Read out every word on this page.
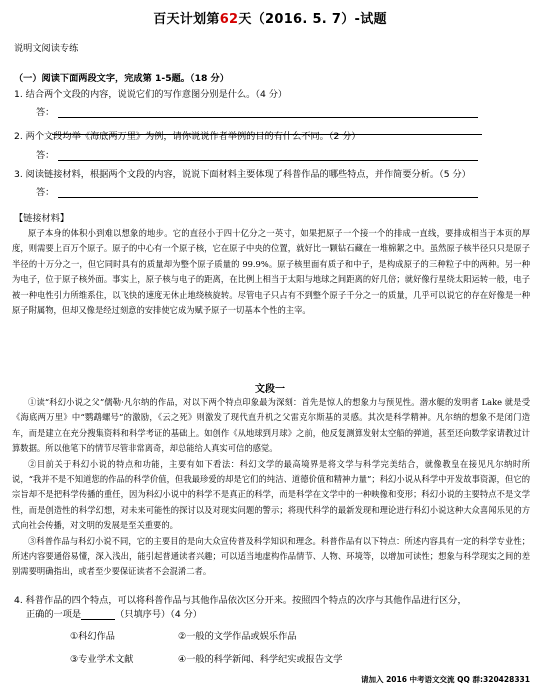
百天计划第62天（2016. 5. 7）-试题
说明文阅读专练
（一）阅读下面两段文字，完成第 1-5题。（18 分）
1. 结合两个文段的内容，说说它们的写作意图分别是什么。（4 分）
答：
2. 两个文段均举《海底两万里》为例，请你说说作者举例的目的有什么不同。（2 分）
答：
3. 阅读链接材料，根据两个文段的内容，说说下面材料主要体现了科普作品的哪些特点，并作简要分析。（5 分）
答：
【链接材料】

原子本身的体积小到难以想象的地步。它的直径小于四十亿分之一英寸，如果把原子一个接一个的排成一直线，要排成相当于本页的厚度，则需要上百万个原子。原子的中心有一个原子核，它在原子中央的位置，就好比一颗钻石藏在一堆棉絮之中。虽然原子核半径只只是原子半径的十万分之一，但它同时具有的质量却为整个原子质量的 99.9%。原子核里面有质子和中子，是构成原子的三种粒子中的两种。另一种为电子，位于原子核外面。事实上，原子核与电子的距离，在比例上相当于太阳与地球之间距离的好几倍；就好像行星绕太阳运转一般，电子被一种电性引力所维系住，以飞快的速度无休止地绕核旋转。尽管电子只占有不到整个原子千分之一的质量，几乎可以说它的存在好像是一种原子附属物，但却又像是经过刻意的安排使它成为赋予原子一切基本个性的主宰。

文段一

①读“科幻小说之父”儒勒·凡尔纳的作品，对以下两个特点印象最为深刻：首先是惊人的想象力与预见性。潜水艇的发明者 Lake 就是受《海底两万里》中“鹦鹉螺号”的激励，《云之死》则激发了现代直升机之父雷克尔斯基的灵感。其次是科学精神。凡尔纳的想象不是闭门造车，而是建立在充分搜集资料和科学考证的基础上。如创作《从地球到月球》之前，他反复测算发射太空船的弹道，甚至还向数学家请教过计算数据。所以他笔下的情节尽管非常离奇，却总能给人真实可信的感觉。

②目前关于科幻小说的特点和功能，主要有如下看法：科幻文学的最高境界是将文学与科学完美结合，就像教皇在接见凡尔纳时所说，“我并不是不知道您的作品的科学价值，但我最珍爱的却是它们的纯洁、道德价值和精神力量”；科幻小说从科学中开发故事资源，但它的宗旨却不是把科学传播的重任，因为科幻小说中的科学不是真正的科学，而是科学在文学中的一种映像和变形；科幻小说的主要特点不是文学性，而是创造性的科学幻想，对未来可能性的探讨以及对现实问题的警示；将现代科学的最新发现和理论进行科幻小说这种大众喜闻乐见的方式向社会传播，对文明的发展是至关重要的。

③科普作品与科幻小说不同，它的主要目的是向大众宣传普及科学知识和理念。科普作品有以下特点：所述内容具有一定的科学专业性；所述内容要通俗易懂，深入浅出，能引起普通读者兴趣；可以适当地虚构作品情节、人物、环境等，以增加可读性；想象与科学现实之间的差别需要明确指出，或者至少要保证读者不会混淆二者。

4. 科普作品的四个特点，可以将科普作品与其他作品依次区分开来。按照四个特点的次序与其他作品进行区分，
正确的一项是	（只填序号）（4 分）
①科幻作品	②一般的文学作品或娱乐作品
③专业学术文献	④一般的科学新闻、科学纪实或报告文学
请加入 2016 中考语文交流 QQ 群:320428331
